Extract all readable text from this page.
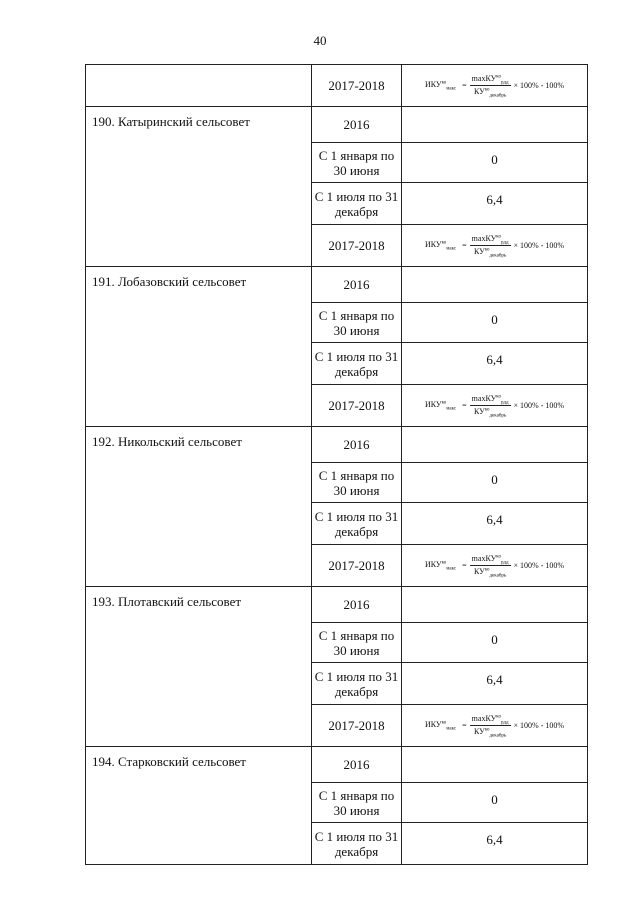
40
	2017-2018	$ИКУ^{ко}_{макс} = \frac{\max КУ^{ко}_{рдд}}{КУ^{ко}_{декабрь}} \times 100\% - 100\%$

190. Катыринский сельсовет	2016	
	С 1 января по 30 июня	0
	С 1 июля по 31 декабря	6,4
	2017-2018	$ИКУ^{ко}_{макс} = \frac{\max КУ^{ко}_{рдд}}{КУ^{ко}_{декабрь}} \times 100\% - 100\%$

191. Лобазовский сельсовет	2016	
	С 1 января по 30 июня	0
	С 1 июля по 31 декабря	6,4
	2017-2018	$ИКУ^{ко}_{макс} = \frac{\max КУ^{ко}_{рдд}}{КУ^{ко}_{декабрь}} \times 100\% - 100\%$

192. Никольский сельсовет	2016	
	С 1 января по 30 июня	0
	С 1 июля по 31 декабря	6,4
	2017-2018	$ИКУ^{ко}_{макс} = \frac{\max КУ^{ко}_{рдд}}{КУ^{ко}_{декабрь}} \times 100\% - 100\%$

193. Плотавский сельсовет	2016	
	С 1 января по 30 июня	0
	С 1 июля по 31 декабря	6,4
	2017-2018	$ИКУ^{ко}_{макс} = \frac{\max КУ^{ко}_{рдд}}{КУ^{ко}_{декабрь}} \times 100\% - 100\%$

194. Старковский сельсовет	2016	
	С 1 января по 30 июня	0
	С 1 июля по 31 декабря	6,4
